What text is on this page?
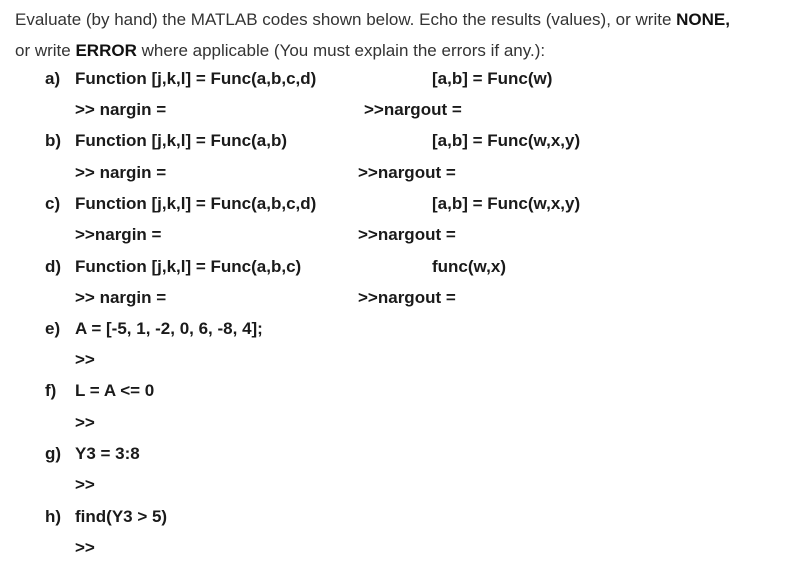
Evaluate (by hand) the MATLAB codes shown below. Echo the results (values), or write NONE,
or write ERROR where applicable (You must explain the errors if any.):
a) Function [j,k,l] = Func(a,b,c,d)	[a,b] = Func(w)
>> nargin =	>>nargout =
b) Function [j,k,l] = Func(a,b)	[a,b] = Func(w,x,y)
>> nargin =	>>nargout =
c) Function [j,k,l] = Func(a,b,c,d)	[a,b] = Func(w,x,y)
>>nargin =	>>nargout =
d) Function [j,k,l] = Func(a,b,c)	func(w,x)
>> nargin =	>>nargout =
e) A = [-5, 1, -2, 0, 6, -8, 4];
>>
f) L = A <= 0
>>
g) Y3 = 3:8
>>
h) find(Y3 > 5)
>>
